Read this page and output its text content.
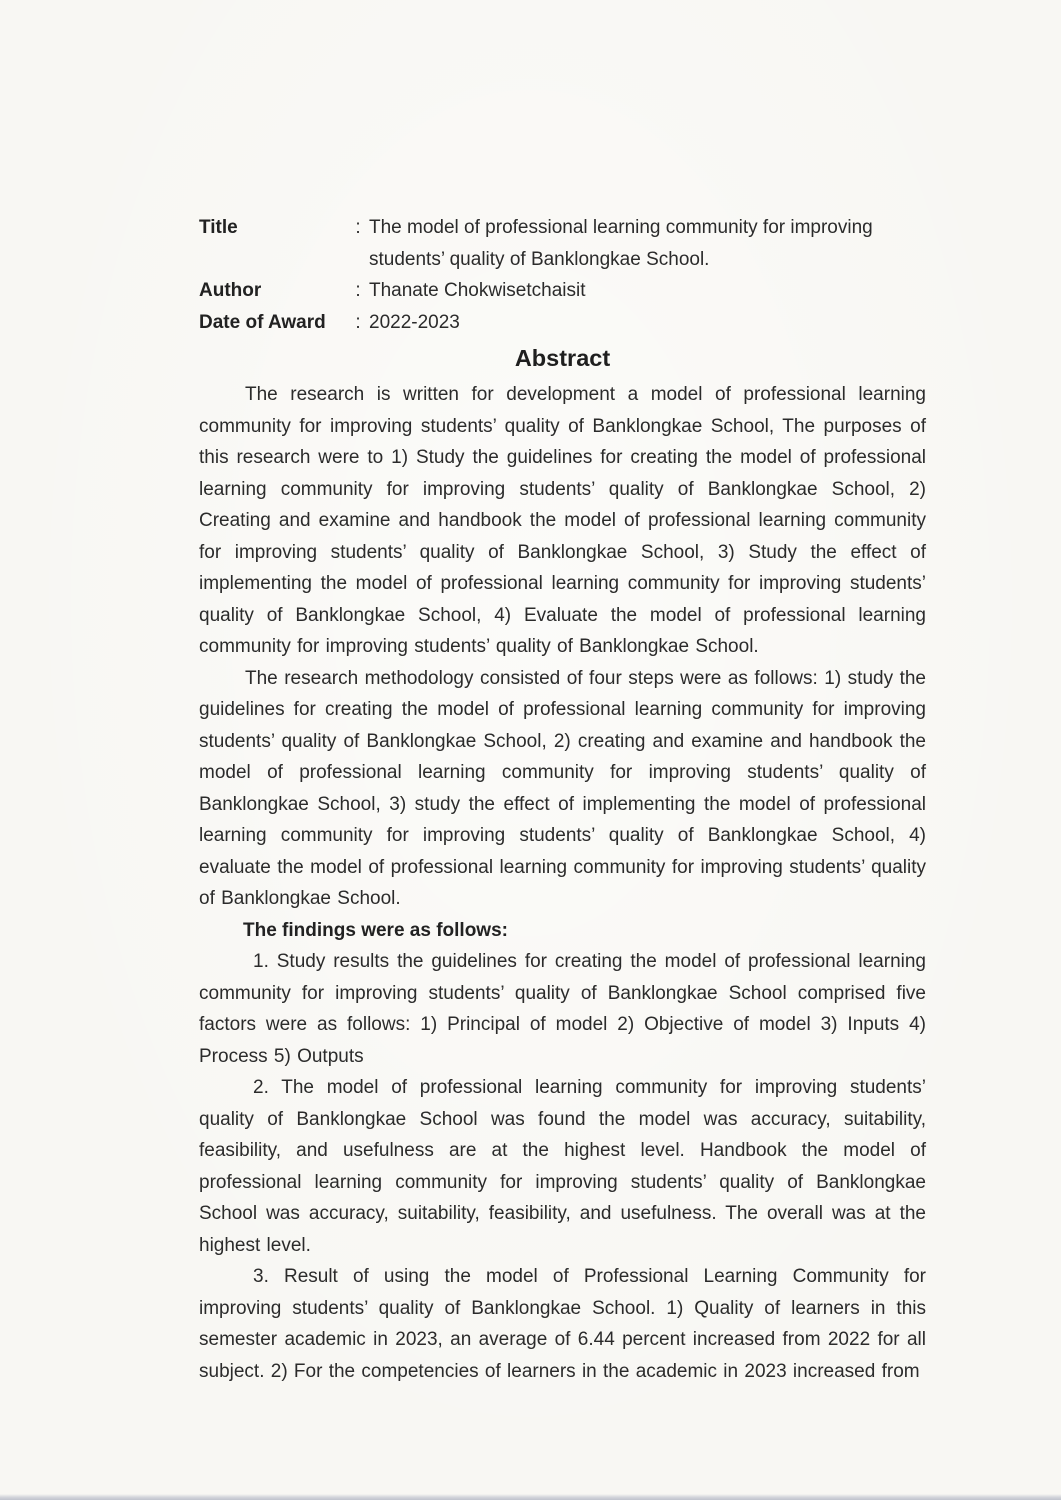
Title	: The model of professional learning community for improving
students’ quality of Banklongkae School.
Author	: Thanate Chokwisetchaisit
Date of Award	: 2022-2023
Abstract

The research is written for development a model of professional learning community for improving students’ quality of Banklongkae School, The purposes of this research were to 1) Study the guidelines for creating the model of professional learning community for improving students’ quality of Banklongkae School, 2) Creating and examine and handbook the model of professional learning community for improving students’ quality of Banklongkae School, 3) Study the effect of implementing the model of professional learning community for improving students’ quality of Banklongkae School, 4) Evaluate the model of professional learning community for improving students’ quality of Banklongkae School.

The research methodology consisted of four steps were as follows: 1) study the guidelines for creating the model of professional learning community for improving students’ quality of Banklongkae School, 2) creating and examine and handbook the model of professional learning community for improving students’ quality of Banklongkae School, 3) study the effect of implementing the model of professional learning community for improving students’ quality of Banklongkae School, 4) evaluate the model of professional learning community for improving students’ quality of Banklongkae School.

The findings were as follows:

1. Study results the guidelines for creating the model of professional learning community for improving students’ quality of Banklongkae School comprised five factors were as follows: 1) Principal of model 2) Objective of model 3) Inputs 4) Process 5) Outputs

2. The model of professional learning community for improving students’ quality of Banklongkae School was found the model was accuracy, suitability, feasibility, and usefulness are at the highest level. Handbook the model of professional learning community for improving students’ quality of Banklongkae School was accuracy, suitability, feasibility, and usefulness. The overall was at the highest level.

3. Result of using the model of Professional Learning Community for improving students’ quality of Banklongkae School. 1) Quality of learners in this semester academic in 2023, an average of 6.44 percent increased from 2022 for all subject. 2) For the competencies of learners in the academic in 2023 increased from
